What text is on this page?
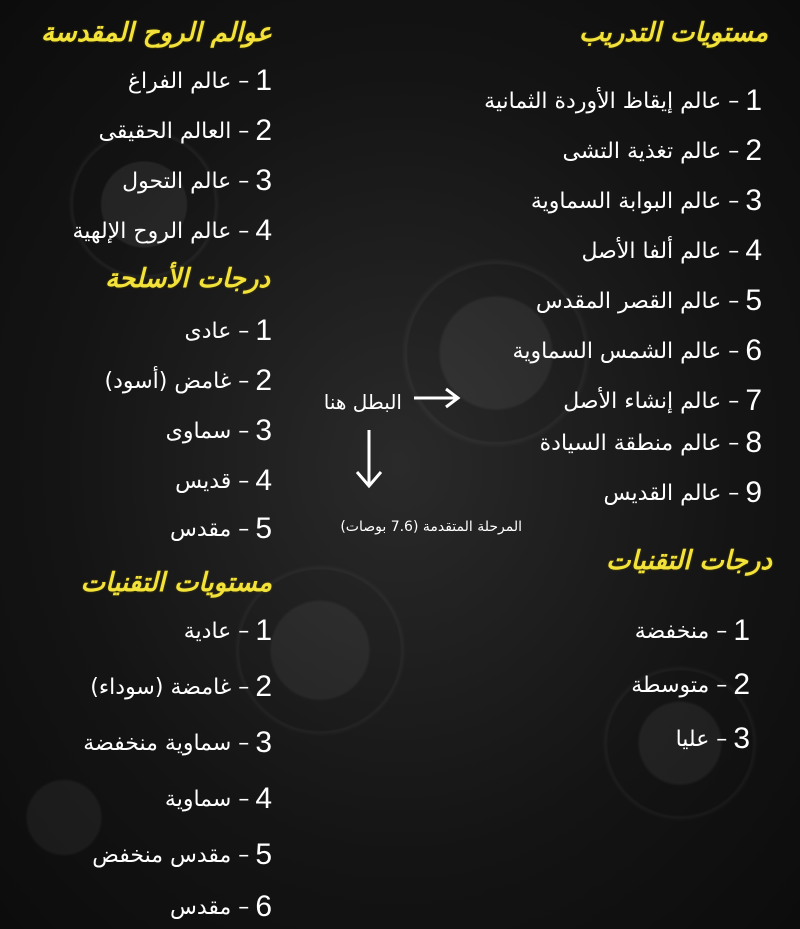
مستويات التدريب
1– عالم إيقاظ الأوردة الثمانية
2– عالم تغذية التشى
3– عالم البوابة السماوية
4– عالم ألفا الأصل
5– عالم القصر المقدس
6– عالم الشمس السماوية
7– عالم إنشاء الأصل
8– عالم منطقة السيادة
9– عالم القديس
درجات التقنيات
1– منخفضة
2– متوسطة
3– عليا
البطل هنا
المرحلة المتقدمة (7.6 بوصات)
عوالم الروح المقدسة
1– عالم الفراغ
2– العالم الحقيقى
3– عالم التحول
4– عالم الروح الإلهية
درجات الأسلحة
1– عادى
2– غامض (أسود)
3– سماوى
4– قديس
5– مقدس
مستويات التقنيات
1– عادية
2– غامضة (سوداء)
3– سماوية منخفضة
4– سماوية
5– مقدس منخفض
6– مقدس
